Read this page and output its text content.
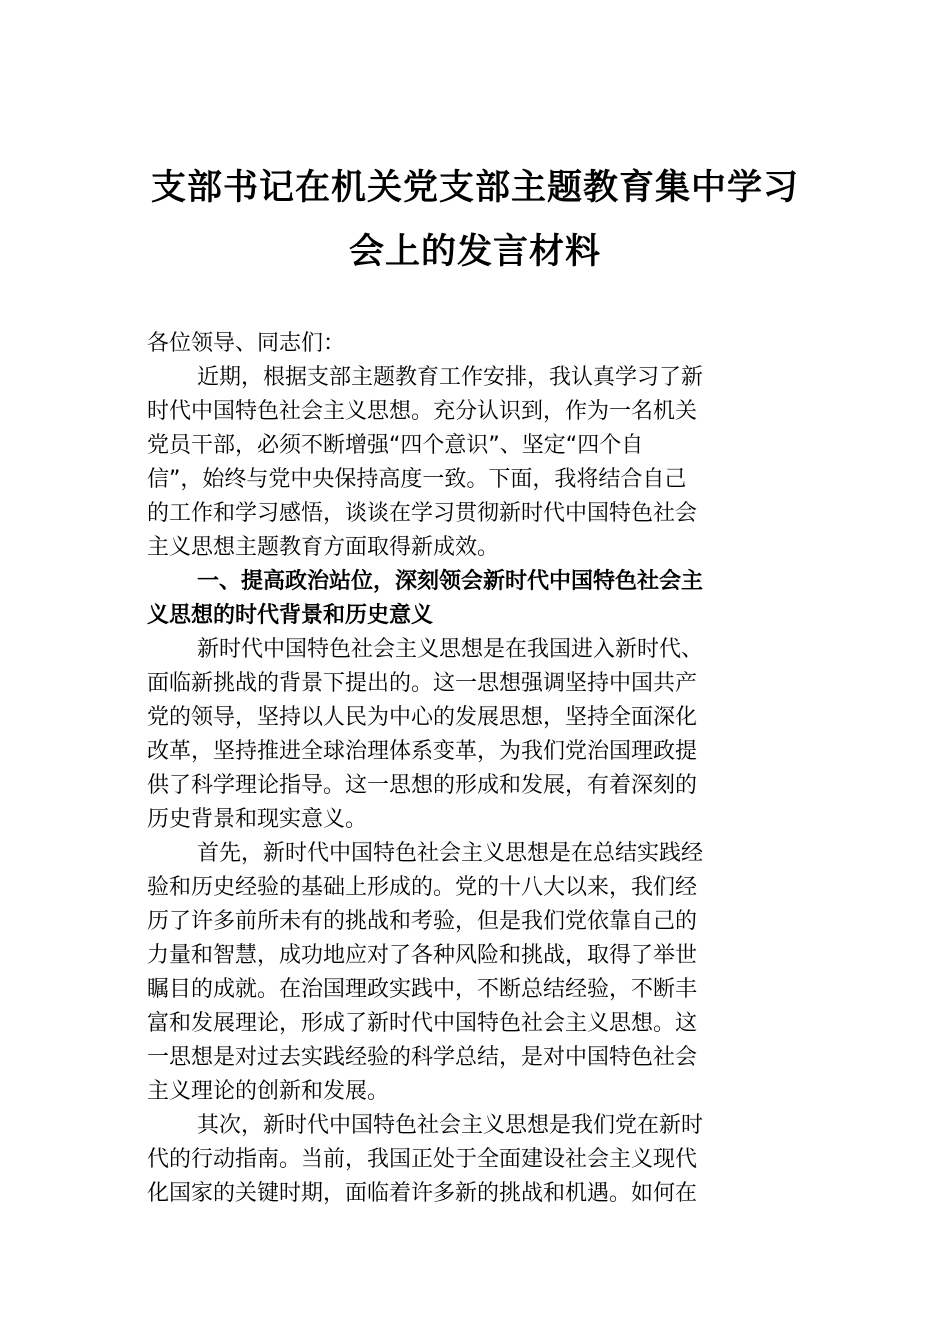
支部书记在机关党支部主题教育集中学习
会上的发言材料
各位领导、同志们：
近期，根据支部主题教育工作安排，我认真学习了新
时代中国特色社会主义思想。充分认识到，作为一名机关
党员干部，必须不断增强“四个意识”、坚定“四个自
信”，始终与党中央保持高度一致。下面，我将结合自己
的工作和学习感悟，谈谈在学习贯彻新时代中国特色社会
主义思想主题教育方面取得新成效。
一、提高政治站位，深刻领会新时代中国特色社会主
义思想的时代背景和历史意义
新时代中国特色社会主义思想是在我国进入新时代、
面临新挑战的背景下提出的。这一思想强调坚持中国共产
党的领导，坚持以人民为中心的发展思想，坚持全面深化
改革，坚持推进全球治理体系变革，为我们党治国理政提
供了科学理论指导。这一思想的形成和发展，有着深刻的
历史背景和现实意义。
首先，新时代中国特色社会主义思想是在总结实践经
验和历史经验的基础上形成的。党的十八大以来，我们经
历了许多前所未有的挑战和考验，但是我们党依靠自己的
力量和智慧，成功地应对了各种风险和挑战，取得了举世
瞩目的成就。在治国理政实践中，不断总结经验，不断丰
富和发展理论，形成了新时代中国特色社会主义思想。这
一思想是对过去实践经验的科学总结，是对中国特色社会
主义理论的创新和发展。
其次，新时代中国特色社会主义思想是我们党在新时
代的行动指南。当前，我国正处于全面建设社会主义现代
化国家的关键时期，面临着许多新的挑战和机遇。如何在
